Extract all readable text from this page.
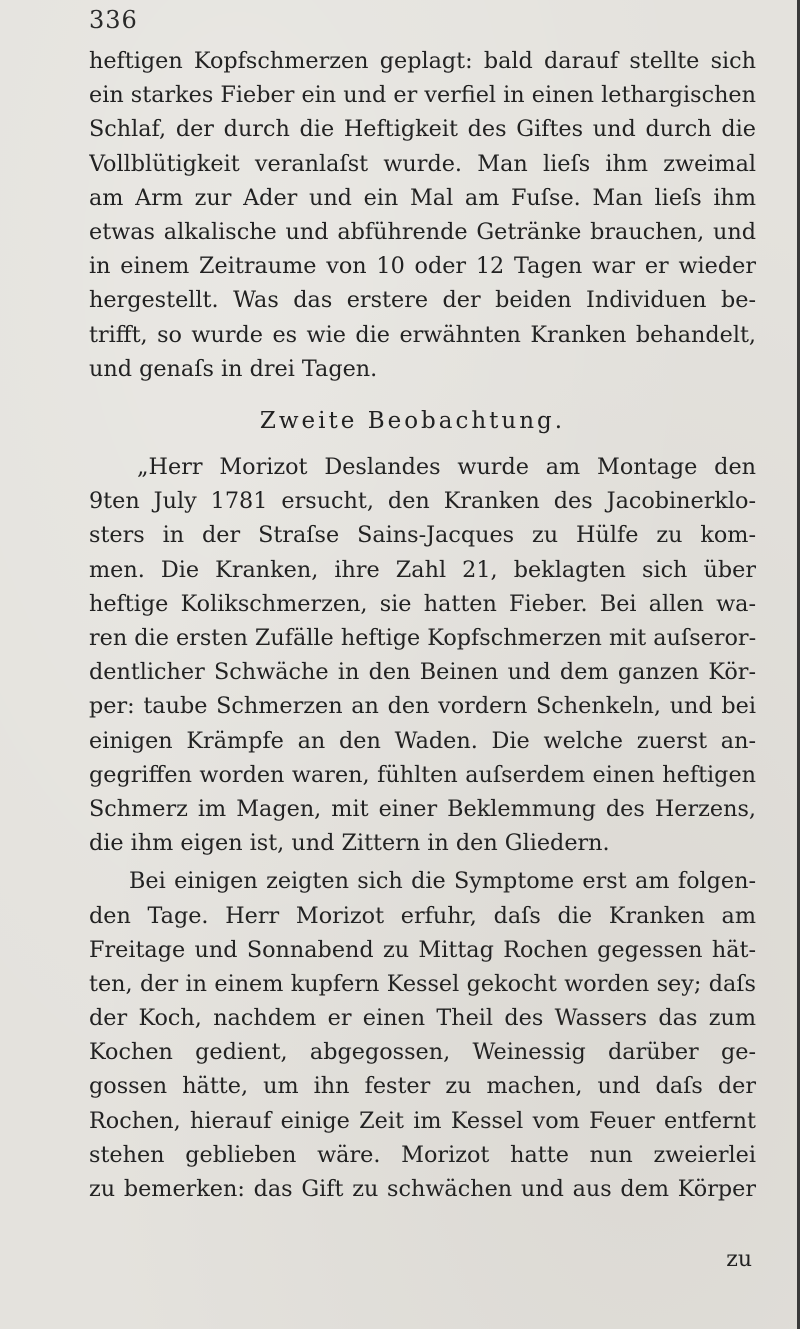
336
heftigen Kopfschmerzen geplagt: bald darauf stellte sich
ein starkes Fieber ein und er verfiel in einen lethargischen
Schlaf, der durch die Heftigkeit des Giftes und durch die
Vollblütigkeit veranlaſst wurde. Man lieſs ihm zweimal
am Arm zur Ader und ein Mal am Fuſse. Man lieſs ihm
etwas alkalische und abführende Getränke brauchen, und
in einem Zeitraume von 10 oder 12 Tagen war er wieder
hergestellt. Was das erstere der beiden Individuen be-
trifft, so wurde es wie die erwähnten Kranken behandelt,
und genaſs in drei Tagen.
Zweite Beobachtung.
„Herr Morizot Deslandes wurde am Montage den
9ten July 1781 ersucht, den Kranken des Jacobinerklo-
sters in der Straſse Sains-Jacques zu Hülfe zu kom-
men. Die Kranken, ihre Zahl 21, beklagten sich über
heftige Kolikschmerzen, sie hatten Fieber. Bei allen wa-
ren die ersten Zufälle heftige Kopfschmerzen mit auſseror-
dentlicher Schwäche in den Beinen und dem ganzen Kör-
per: taube Schmerzen an den vordern Schenkeln, und bei
einigen Krämpfe an den Waden. Die welche zuerst an-
gegriffen worden waren, fühlten auſserdem einen heftigen
Schmerz im Magen, mit einer Beklemmung des Herzens,
die ihm eigen ist, und Zittern in den Gliedern.
Bei einigen zeigten sich die Symptome erst am folgen-
den Tage. Herr Morizot erfuhr, daſs die Kranken am
Freitage und Sonnabend zu Mittag Rochen gegessen hät-
ten, der in einem kupfern Kessel gekocht worden sey; daſs
der Koch, nachdem er einen Theil des Wassers das zum
Kochen gedient, abgegossen, Weinessig darüber ge-
gossen hätte, um ihn fester zu machen, und daſs der
Rochen, hierauf einige Zeit im Kessel vom Feuer entfernt
stehen geblieben wäre. Morizot hatte nun zweierlei
zu bemerken: das Gift zu schwächen und aus dem Körper
zu
